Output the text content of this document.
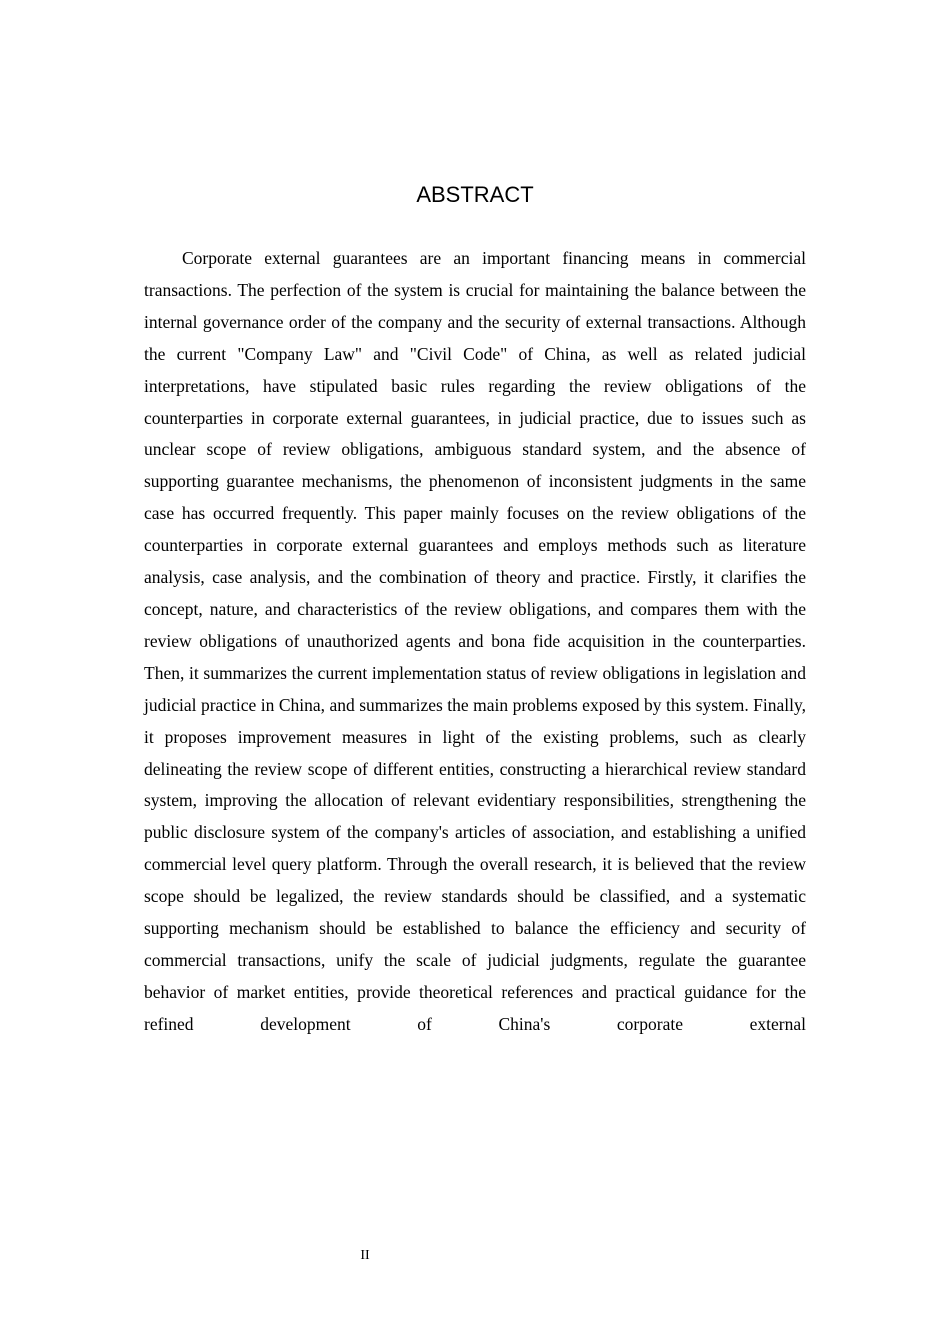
ABSTRACT

Corporate external guarantees are an important financing means in commercial transactions. The perfection of the system is crucial for maintaining the balance between the internal governance order of the company and the security of external transactions. Although the current "Company Law" and "Civil Code" of China, as well as related judicial interpretations, have stipulated basic rules regarding the review obligations of the counterparties in corporate external guarantees, in judicial practice, due to issues such as unclear scope of review obligations, ambiguous standard system, and the absence of supporting guarantee mechanisms, the phenomenon of inconsistent judgments in the same case has occurred frequently. This paper mainly focuses on the review obligations of the counterparties in corporate external guarantees and employs methods such as literature analysis, case analysis, and the combination of theory and practice. Firstly, it clarifies the concept, nature, and characteristics of the review obligations, and compares them with the review obligations of unauthorized agents and bona fide acquisition in the counterparties. Then, it summarizes the current implementation status of review obligations in legislation and judicial practice in China, and summarizes the main problems exposed by this system. Finally, it proposes improvement measures in light of the existing problems, such as clearly delineating the review scope of different entities, constructing a hierarchical review standard system, improving the allocation of relevant evidentiary responsibilities, strengthening the public disclosure system of the company's articles of association, and establishing a unified commercial level query platform. Through the overall research, it is believed that the review scope should be legalized, the review standards should be classified, and a systematic supporting mechanism should be established to balance the efficiency and security of commercial transactions, unify the scale of judicial judgments, regulate the guarantee behavior of market entities, provide theoretical references and practical guidance for the refined development of China's corporate external

II
